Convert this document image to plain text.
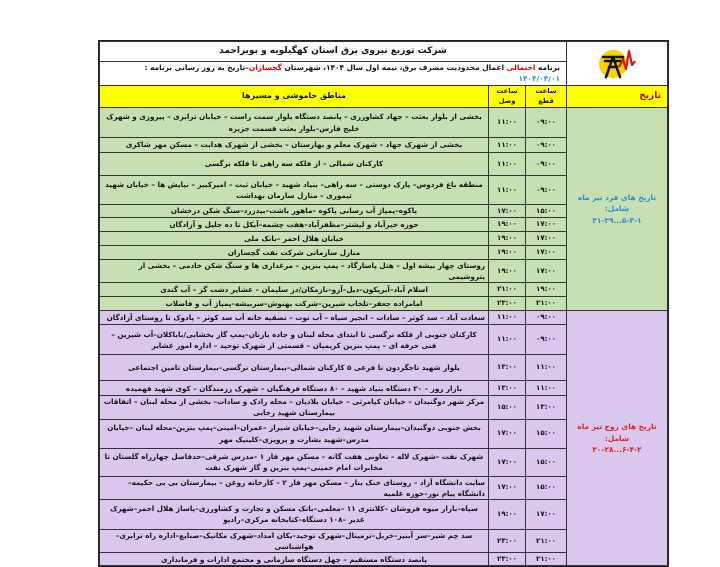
	شرکت توزیع نیروی برق استان کهگیلویه و بویراحمد		
	برنامه احتمالی اعمال محدودیت مصرف برق، نیمه اول سال ۱۴۰۴، شهرستان گچساران–تاریخ به روز رسانی برنامه : ۱۴۰۴/۰۴/۰۱		
تاریخ	ساعت قطع	ساعت وصل	مناطق خاموشی و مسیرها

تاریخ های فرد تیر ماه شامل:
۵-۳-۱...۳۱-۲۹	۰۹:۰۰	۱۱:۰۰	بخشی از بلوار بعثت – جهاد کشاورزی – پانصد دستگاه بلوار سمت راست – خیابان ترابری – پیروزی و شهرک خلیج فارس–بلوار بعثت قسمت جزیره
	۰۹:۰۰	۱۱:۰۰	بخشی از شهرک جهاد – شهرک معلم و بهارستان – بخشی از شهرک هدایت – مسکن مهر شاکری
	۰۹:۰۰	۱۱:۰۰	کارکنان شمالی – از فلکه سه راهی تا فلکه نرگسی
	۰۹:۰۰	۱۱:۰۰	منطقه باغ فردوس– پارک دوستی – سه راهی– بنیاد شهید – خیابان ثبت – امیرکبیر – نیایش ها – خیابان شهید تیموری – منازل سازمان بهداشت
	۱۵:۰۰	۱۷:۰۰	پاکوه–پمپاژ آب رسانی پاکوه –ماهور باشت–بیدزرد–سنگ شکن درخشان
	۱۷:۰۰	۱۹:۰۰	حوزه خیرآباد و لیشتر–مظفرآباد–هفت چشمه–آبکل تا ده جلیل و آزادگان
	۱۷:۰۰	۱۹:۰۰	خیابان هلال احمر –بانک ملی
	۱۷:۰۰	۱۹:۰۰	منازل سازمانی شرکت نفت گچساران
	۱۷:۰۰	۱۹:۰۰	روستای چهار بیشه اول – هتل پاسارگاد – پمپ بنزین – مرغداری ها و سنگ شکن خادمی – بخشی از پتروشیمی
	۱۹:۰۰	۲۱:۰۰	اسلام آباد–آبریکون–دیل–آرو–نازمکان/دز سلیمان – عشایر دشت گز – آب گندی
	۲۱:۰۰	۲۳:۰۰	امامزاده جعفر–تلخاب شیرین–شرکت بهنوش–سربیشه–پمپاژ آب و فاضلاب

تاریخ های زوج تیر ماه شامل:
۶-۴-۲...۳۰-۲۸	۰۹:۰۰	۱۱:۰۰	سعادت آباد – سد کوثر – سادات – انجیر سیاه – آب توت – تصفیه خانه آب سد کوثر – پادوک تا روستای آزادگان
	۰۹:۰۰	۱۱:۰۰	کارکنان جنوبی از فلکه نرگسی تا ابتدای محله لبنان و جاده بازنان–پمپ گاز بخشایی/باباکلان–آب شیرین – فنی حرفه ای – پمپ بنزین کریمیان – قسمتی از شهرک توحید – اداره امور عشایر
	۱۱:۰۰	۱۳:۰۰	بلوار شهید تاجگردون تا فرعی ۵ کارکنان شمالی–بیمارستان نرگسی–بیمارستان تامین اجتماعی
	۱۱:۰۰	۱۳:۰۰	بازار روز – ۳۰ دستگاه بنیاد شهید – ۸۰ دستگاه فرهنگیان – شهرک رزمندگان – کوی شهید فهمیده
	۱۳:۰۰	۱۵:۰۰	مرکز شهر دوگنبدان – خیابان کیامرثی – خیابان بلادیان – محله رادک و سادات– بخشی از محله لبنان – اتفاقات بیمارستان شهید رجایی
	۱۵:۰۰	۱۷:۰۰	بخش جنوبی دوگنبدان–بیمارستان شهید رجایی–خیابان شیراز –عمران–امینی–پمپ بنزین–محله لبنان –خیابان مدرس–شهید بشارت و پرویزی–کلینیک مهر
	۱۵:۰۰	۱۷:۰۰	شهرک نفت –شهرک لاله – تعاونی هفت گانه – مسکن مهر فاز ۱ –مدرس شرقی–حدفاصل چهارراه گلستان تا مخابرات امام خمینی–پمپ بنزین و گاز شهرک نفت
	۱۵:۰۰	۱۷:۰۰	سایت دانشگاه آزاد – روستای خنک بنار – مسکن مهر فاز ۲ – کارخانه روغن – بیمارستان بی بی حکیمه–دانشگاه پیام نور–حوزه علمیه
	۱۷:۰۰	۱۹:۰۰	سپاه–بازار میوه فروشان –کلانتری ۱۱ –معلمی–بانک مسکن و تجارت و کشاورزی–پاساژ هلال احمر–شهرک غدیر –۱۰۸ دستگاه–کتابخانه مرکزی–رادیو
	۲۱:۰۰	۲۳:۰۰	سد چم شیر–سر آبنیز–خربل–ترمینال–شهرک توحید–یکان امداد–شهرک مکانیک–صنایع–اداره راه ترابری–هواشناسی
	۲۱:۰۰	۲۳:۰۰	پانصد دستگاه مستقیم – چهل دستگاه سازمانی و مجتمع ادارات و فرمانداری
